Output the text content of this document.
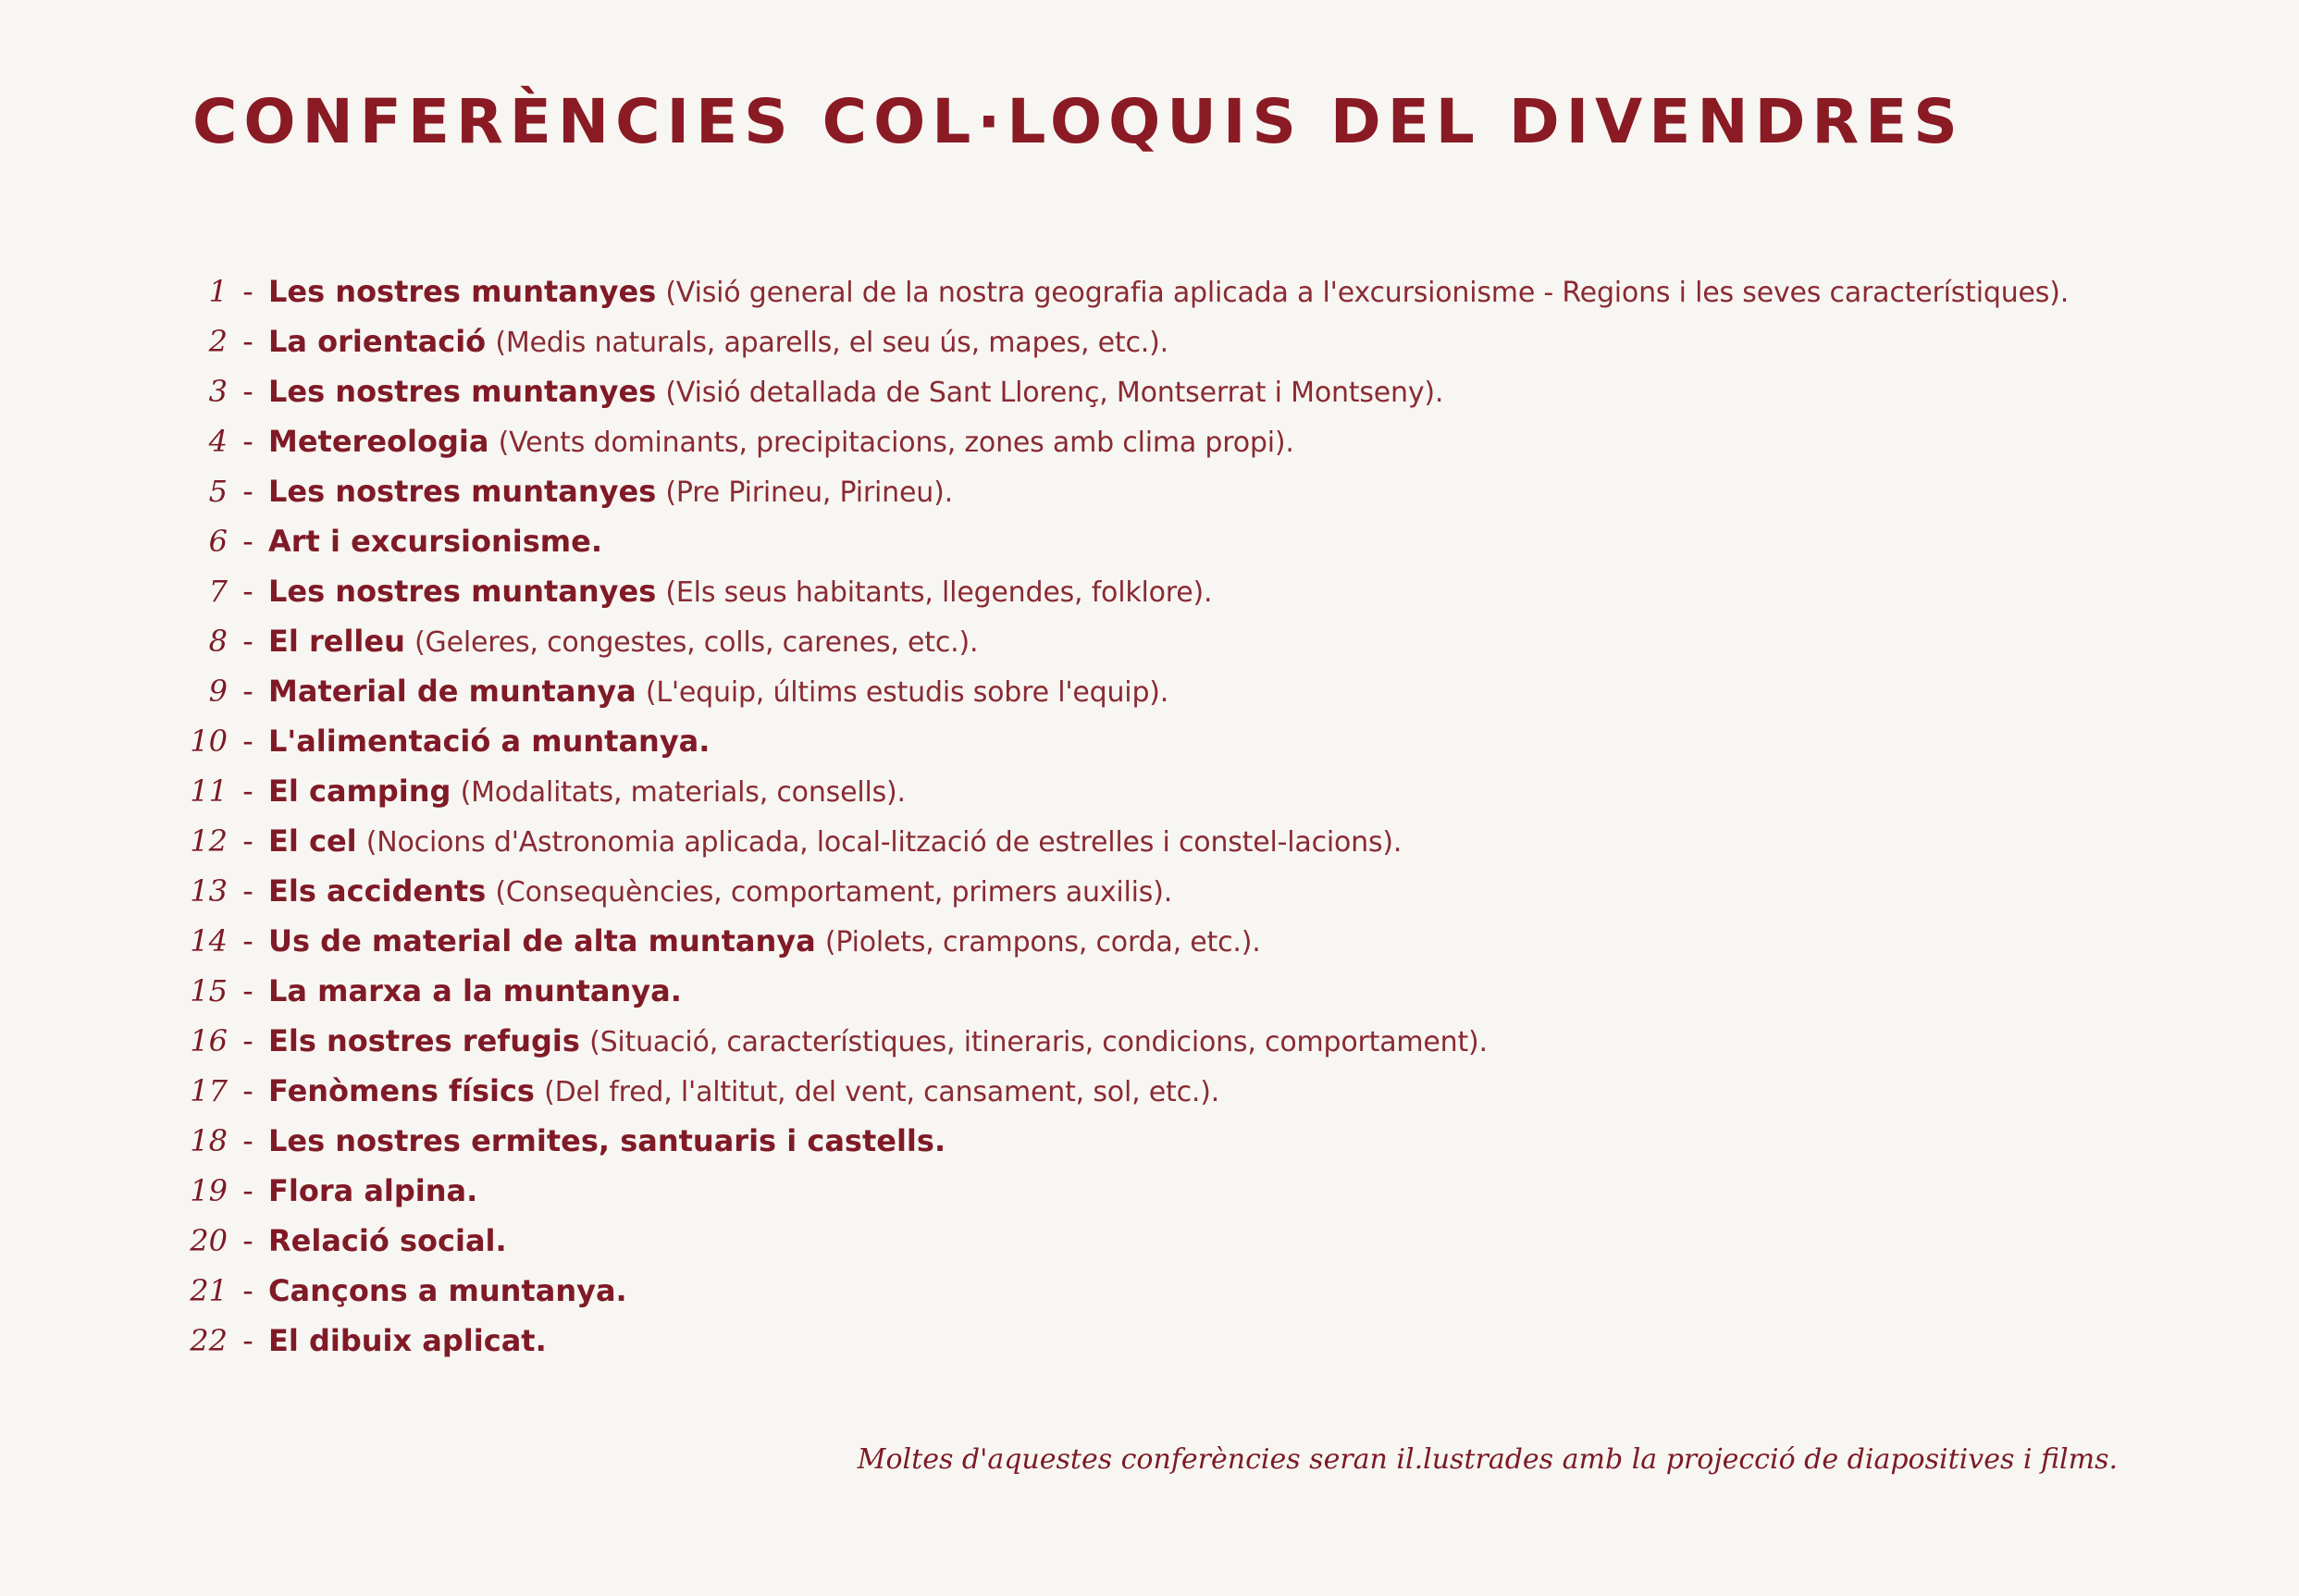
CONFERÈNCIES COL·LOQUIS DEL DIVENDRES
1 - Les nostres muntanyes (Visió general de la nostra geografia aplicada a l'excursionisme - Regions i les seves característiques).
2 - La orientació (Medis naturals, aparells, el seu ús, mapes, etc.).
3 - Les nostres muntanyes (Visió detallada de Sant Llorenç, Montserrat i Montseny).
4 - Metereologia (Vents dominants, precipitacions, zones amb clima propi).
5 - Les nostres muntanyes (Pre Pirineu, Pirineu).
6 - Art i excursionisme.
7 - Les nostres muntanyes (Els seus habitants, llegendes, folklore).
8 - El relleu (Geleres, congestes, colls, carenes, etc.).
9 - Material de muntanya (L'equip, últims estudis sobre l'equip).
10 - L'alimentació a muntanya.
11 - El camping (Modalitats, materials, consells).
12 - El cel (Nocions d'Astronomia aplicada, local-lització de estrelles i constel-lacions).
13 - Els accidents (Consequències, comportament, primers auxilis).
14 - Us de material de alta muntanya (Piolets, crampons, corda, etc.).
15 - La marxa a la muntanya.
16 - Els nostres refugis (Situació, característiques, itineraris, condicions, comportament).
17 - Fenòmens físics (Del fred, l'altitut, del vent, cansament, sol, etc.).
18 - Les nostres ermites, santuaris i castells.
19 - Flora alpina.
20 - Relació social.
21 - Cançons a muntanya.
22 - El dibuix aplicat.

Moltes d'aquestes conferències seran il.lustrades amb la projecció de diapositives i films.
